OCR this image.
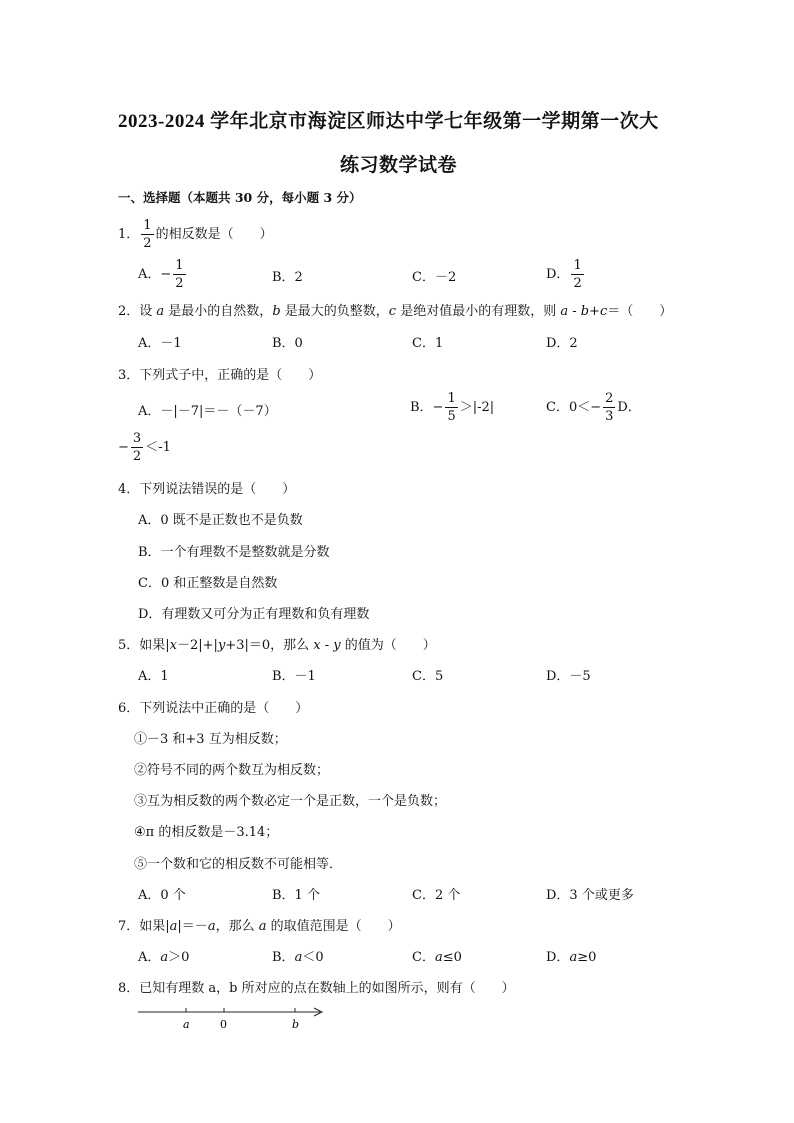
2023-2024 学年北京市海淀区师达中学七年级第一学期第一次大
练习数学试卷
一、选择题（本题共 30 分，每小题 3 分）
1． $\frac{1}{2}$ 的相反数是（　　）
A．− $\frac{1}{2}$	B．2	C．－2	D． $\frac{1}{2}$
2．设 a 是最小的自然数，b 是最大的负整数，c 是绝对值最小的有理数，则 a - b+c＝（　　）
A．－1	B．0	C．1	D．2
3．下列式子中，正确的是（　　）
A．－|－7|＝－（－7）	B．− $\frac{1}{5} >|-2|$	C．$0<- \frac{2}{3}$ D．
− $\frac{3}{2} <-1$
4．下列说法错误的是（　　）
A．0 既不是正数也不是负数
B．一个有理数不是整数就是分数
C．0 和正整数是自然数
D．有理数又可分为正有理数和负有理数
5．如果|x－2|+|y+3|＝0，那么 x - y 的值为（　　）
A．1	B．－1	C．5	D．－5
6．下列说法中正确的是（　　）
①－3 和+3 互为相反数；
②符号不同的两个数互为相反数；
③互为相反数的两个数必定一个是正数，一个是负数；
④π 的相反数是－3.14；
⑤一个数和它的相反数不可能相等．
A．0 个	B．1 个	C．2 个	D．3 个或更多
7．如果|a|＝－a，那么 a 的取值范围是（　　）
A．a＞0	B．a＜0	C．a≤0	D．a≥0
8．已知有理数 a，b 所对应的点在数轴上的如图所示，则有（　　）
a	0	b
